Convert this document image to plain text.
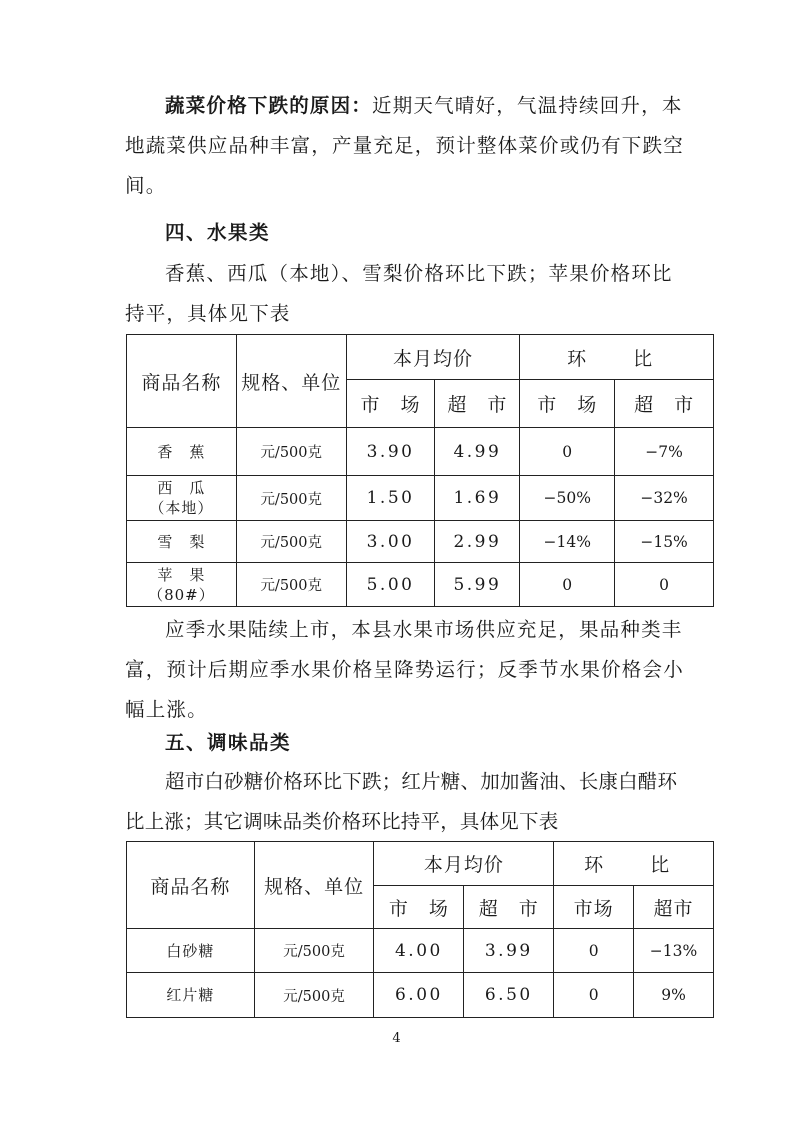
蔬菜价格下跌的原因：近期天气晴好，气温持续回升，本地蔬菜供应品种丰富，产量充足，预计整体菜价或仍有下跌空间。

四、水果类

香蕉、西瓜（本地）、雪梨价格环比下跌；苹果价格环比持平，具体见下表

商品名称	规格、单位	本月均价		环　比	
		市　场	超　市	市　场	超　市
香　蕉	元/500克	3.90	4.99	0	−7%
西　瓜
（本地）	元/500克	1.50	1.69	−50%	−32%
雪　梨	元/500克	3.00	2.99	−14%	−15%
苹　果
（80#）	元/500克	5.00	5.99	0	0

应季水果陆续上市，本县水果市场供应充足，果品种类丰富，预计后期应季水果价格呈降势运行；反季节水果价格会小幅上涨。

五、调味品类

超市白砂糖价格环比下跌；红片糖、加加酱油、长康白醋环比上涨；其它调味品类价格环比持平，具体见下表

商品名称	规格、单位	本月均价		环　比	
		市　场	超　市	市场	超市
白砂糖	元/500克	4.00	3.99	0	−13%
红片糖	元/500克	6.00	6.50	0	9%
4
